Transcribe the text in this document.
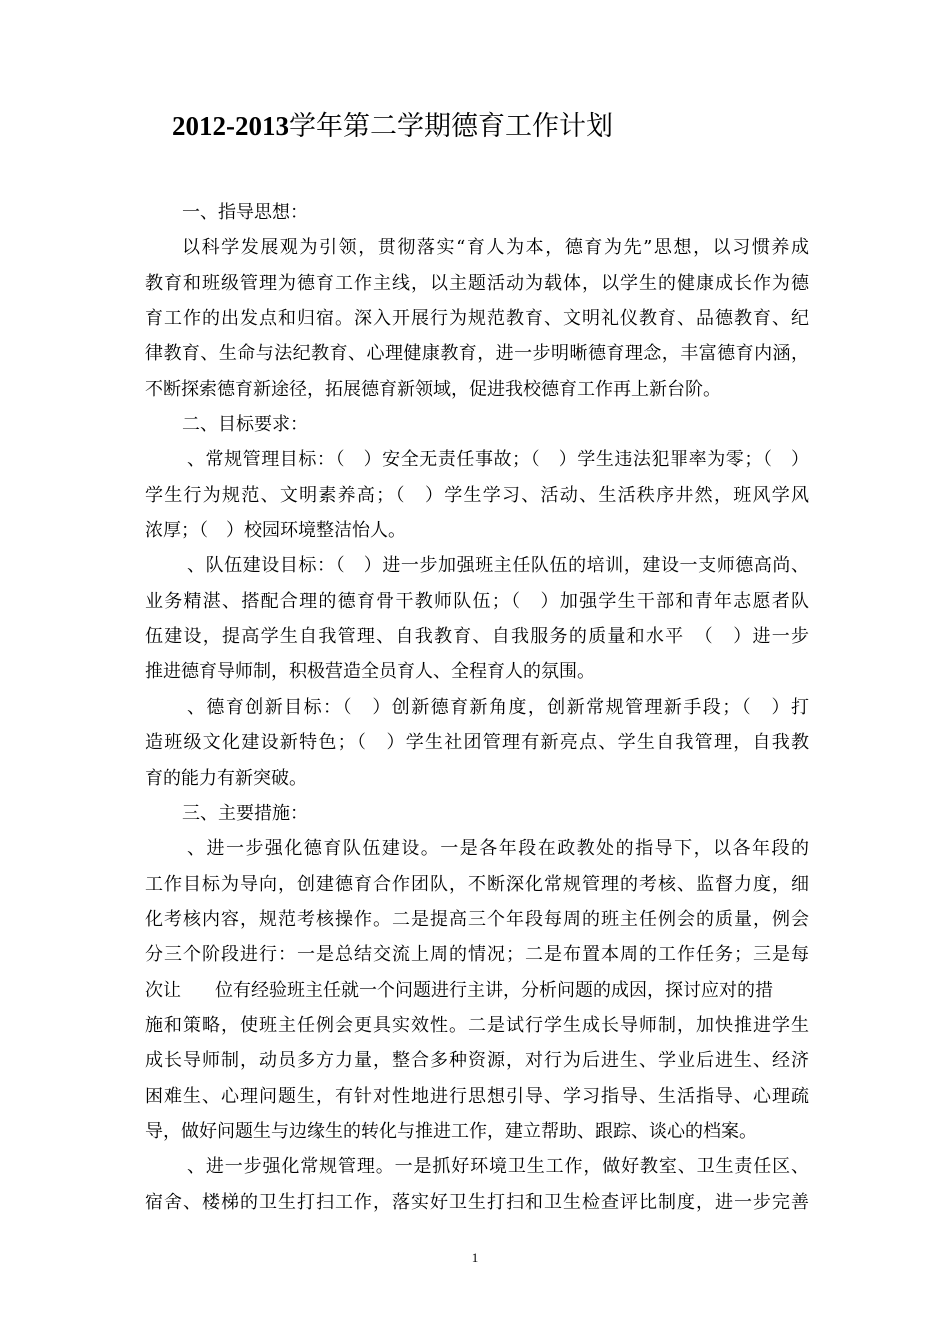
2012-2013学年第二学期德育工作计划

一、指导思想：

以科学发展观为引领，贯彻落实“育人为本，德育为先”思想，以习惯养成

教育和班级管理为德育工作主线，以主题活动为载体，以学生的健康成长作为德

育工作的出发点和归宿。深入开展行为规范教育、文明礼仪教育、品德教育、纪

律教育、生命与法纪教育、心理健康教育，进一步明晰德育理念，丰富德育内涵，

不断探索德育新途径，拓展德育新领域，促进我校德育工作再上新台阶。

二、目标要求：

、常规管理目标：（　）安全无责任事故；（　）学生违法犯罪率为零；（　）

学生行为规范、文明素养高；（　）学生学习、活动、生活秩序井然，班风学风

浓厚；（　）校园环境整洁怡人。

、队伍建设目标：（　）进一步加强班主任队伍的培训，建设一支师德高尚、

业务精湛、搭配合理的德育骨干教师队伍；（　）加强学生干部和青年志愿者队

伍建设，提高学生自我管理、自我教育、自我服务的质量和水平　（　）进一步

推进德育导师制，积极营造全员育人、全程育人的氛围。

、德育创新目标：（　）创新德育新角度，创新常规管理新手段；（　）打

造班级文化建设新特色；（　）学生社团管理有新亮点、学生自我管理，自我教

育的能力有新突破。

三、主要措施：

、进一步强化德育队伍建设。一是各年段在政教处的指导下，以各年段的

工作目标为导向，创建德育合作团队，不断深化常规管理的考核、监督力度，细

化考核内容，规范考核操作。二是提高三个年段每周的班主任例会的质量，例会

分三个阶段进行：一是总结交流上周的情况；二是布置本周的工作任务；三是每

次让 位有经验班主任就一个问题进行主讲，分析问题的成因，探讨应对的措

施和策略，使班主任例会更具实效性。二是试行学生成长导师制，加快推进学生

成长导师制，动员多方力量，整合多种资源，对行为后进生、学业后进生、经济

困难生、心理问题生，有针对性地进行思想引导、学习指导、生活指导、心理疏

导，做好问题生与边缘生的转化与推进工作，建立帮助、跟踪、谈心的档案。

、进一步强化常规管理。一是抓好环境卫生工作，做好教室、卫生责任区、

宿舍、楼梯的卫生打扫工作，落实好卫生打扫和卫生检查评比制度，进一步完善

1
